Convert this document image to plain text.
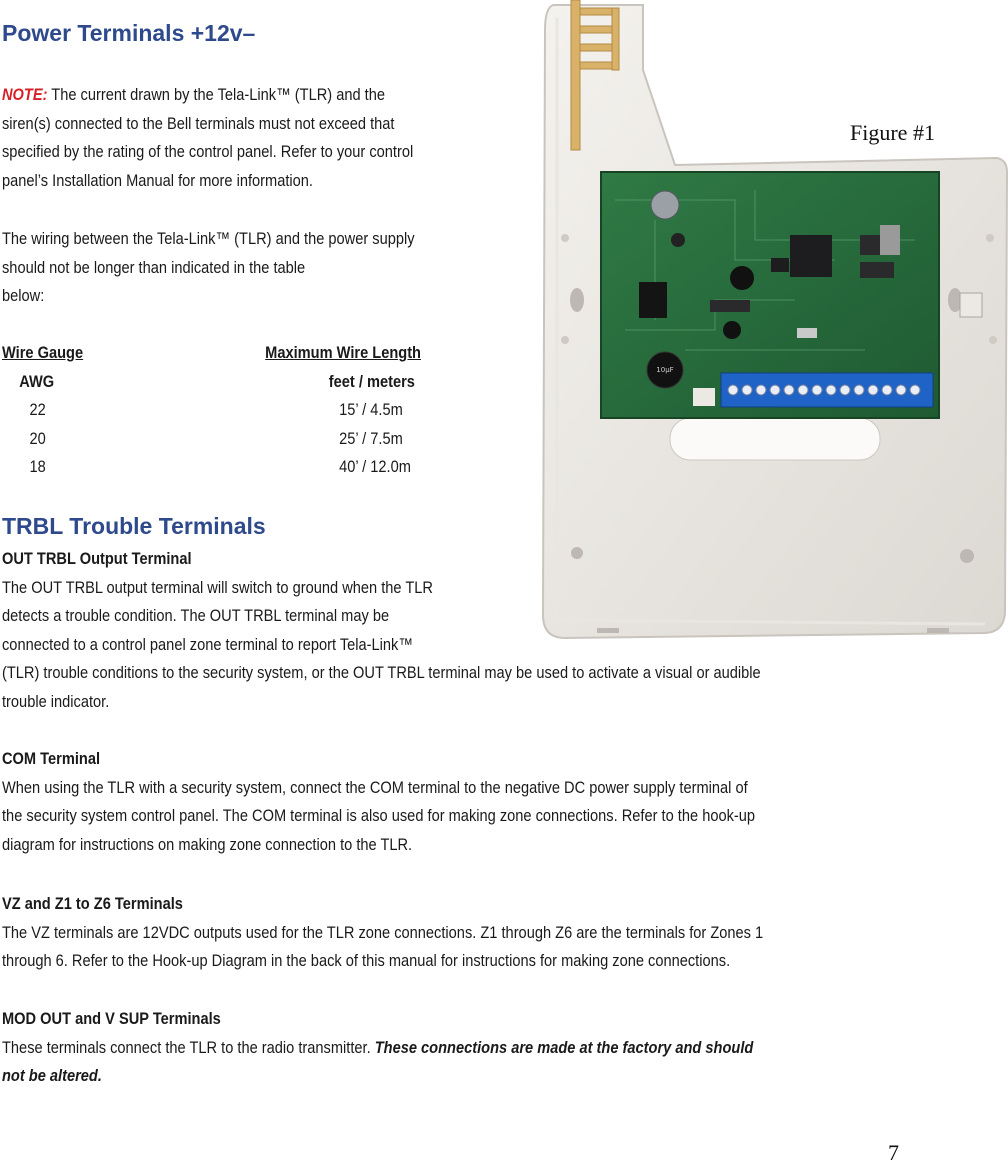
10µF
Figure #1
Power Terminals +12v–
NOTE: The current drawn by the Tela-Link™ (TLR) and the
siren(s) connected to the Bell terminals must not exceed that
specified by the rating of the control panel. Refer to your control
panel’s Installation Manual for more information.
The wiring between the Tela-Link™ (TLR) and the power supply
should not be longer than indicated in the table
below:
Wire Gauge	Maximum Wire Length
AWG	feet / meters
22	15’ / 4.5m
20	25’ / 7.5m
18	40’ / 12.0m
TRBL Trouble Terminals
OUT TRBL Output Terminal
The OUT TRBL output terminal will switch to ground when the TLR
detects a trouble condition. The OUT TRBL terminal may be
connected to a control panel zone terminal to report Tela-Link™
(TLR) trouble conditions to the security system, or the OUT TRBL terminal may be used to activate a visual or audible
trouble indicator.
COM Terminal
When using the TLR with a security system, connect the COM terminal to the negative DC power supply terminal of
the security system control panel. The COM terminal is also used for making zone connections. Refer to the hook-up
diagram for instructions on making zone connection to the TLR.
VZ and Z1 to Z6 Terminals
The VZ terminals are 12VDC outputs used for the TLR zone connections. Z1 through Z6 are the terminals for Zones 1
through 6. Refer to the Hook-up Diagram in the back of this manual for instructions for making zone connections.
MOD OUT and V SUP Terminals
These terminals connect the TLR to the radio transmitter. These connections are made at the factory and should
not be altered.
7
